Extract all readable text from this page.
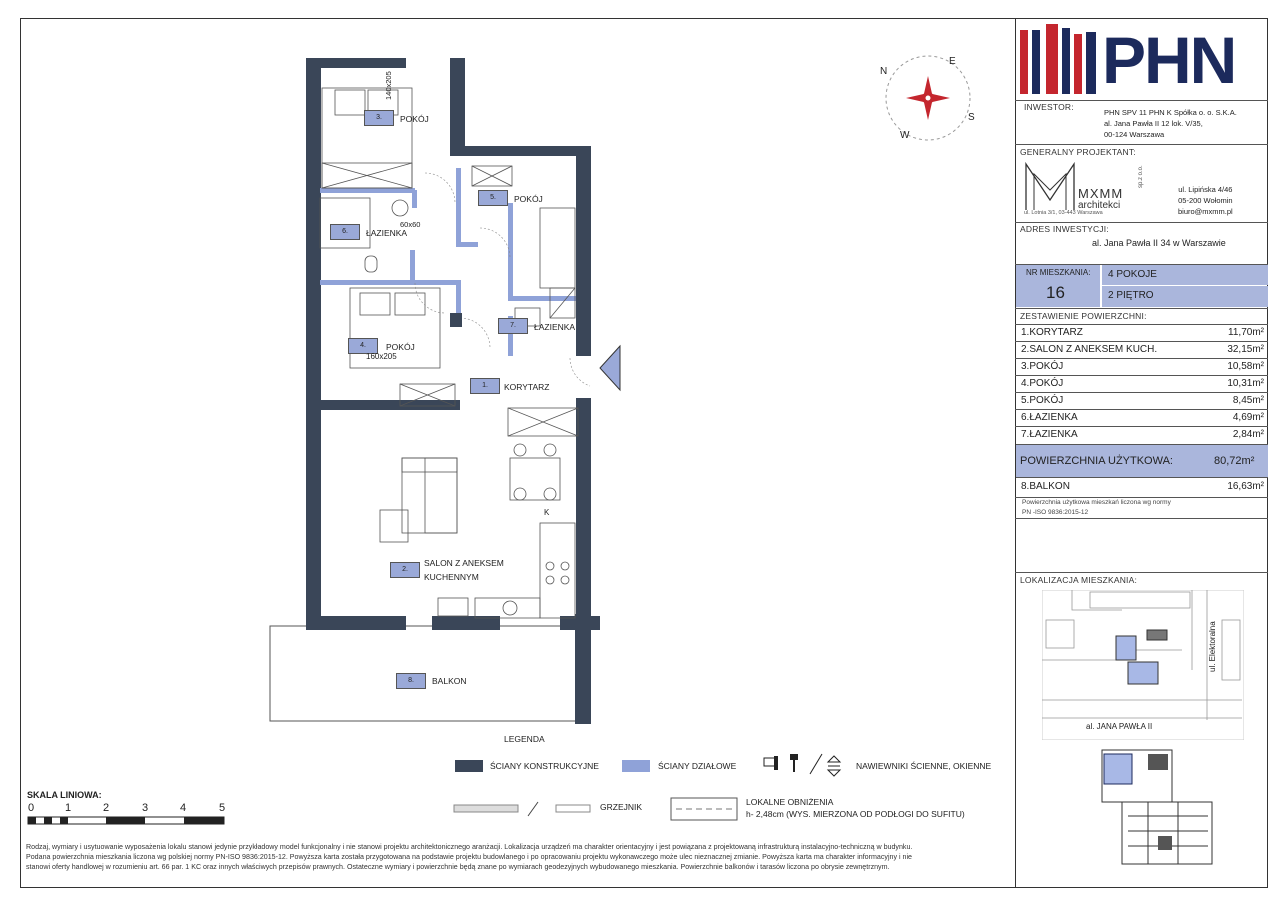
N
E
S
W
3.	POKÓJ
140x205
5.	POKÓJ
6.	ŁAZIENKA
60x60
4.	POKÓJ
160x205
7.	ŁAZIENKA
1.	KORYTARZ
2.
SALON Z ANEKSEM
KUCHENNYM
8.	BALKON
K
LEGENDA
ŚCIANY KONSTRUKCYJNE	ŚCIANY DZIAŁOWE	NAWIEWNIKI ŚCIENNE, OKIENNE
GRZEJNIK	LOKALNE OBNIŻENIA
h- 2,48cm (WYS. MIERZONA OD PODŁOGI DO SUFITU)
SKALA LINIOWA:
0	1	2	3	4	5
Rodzaj, wymiary i usytuowanie wyposażenia lokalu stanowi jedynie przykładowy model funkcjonalny i nie stanowi projektu architektonicznego aranżacji. Lokalizacja urządzeń ma charakter orientacyjny i jest powiązana z projektowaną infrastrukturą instalacyjno-techniczną w budynku.
Podana powierzchnia mieszkania liczona wg polskiej normy PN-ISO 9836:2015-12. Powyższa karta została przygotowana na podstawie projektu budowlanego i po opracowaniu projektu wykonawczego może ulec nieznacznej zmianie. Powyższa karta ma charakter informacyjny i nie
stanowi oferty handlowej w rozumieniu art. 66 par. 1 KC oraz innych właściwych przepisów prawnych. Ostateczne wymiary i powierzchnie będą znane po wymiarach geodezyjnych wybudowanego mieszkania. Powierzchnie balkonów i tarasów liczona po obrysie zewnętrznym.
PHN
INWESTOR:
PHN SPV 11 PHN K Spółka o. o. S.K.A.
al. Jana Pawła II 12 lok. V/35,
00-124 Warszawa
GENERALNY PROJEKTANT:
MXMM
architekci
sp.z o.o.
ul. Lotnia 3/1, 03-443 Warszawa
ul. Lipińska 4/46
05-200 Wołomin
biuro@mxmm.pl
ADRES INWESTYCJI:
al. Jana Pawła II 34 w Warszawie
NR MIESZKANIA:
16
4 POKOJE
2 PIĘTRO
ZESTAWIENIE POWIERZCHNI:
1.KORYTARZ	11,70m²
2.SALON Z ANEKSEM KUCH.	32,15m²
3.POKÓJ	10,58m²
4.POKÓJ	10,31m²
5.POKÓJ	8,45m²
6.ŁAZIENKA	4,69m²
7.ŁAZIENKA	2,84m²
POWIERZCHNIA UŻYTKOWA:	80,72m²
8.BALKON	16,63m²
Powierzchnia użytkowa mieszkań liczona wg normy
PN -ISO 9836:2015-12
LOKALIZACJA MIESZKANIA:
ul. Elektoralna
al. JANA PAWŁA II
